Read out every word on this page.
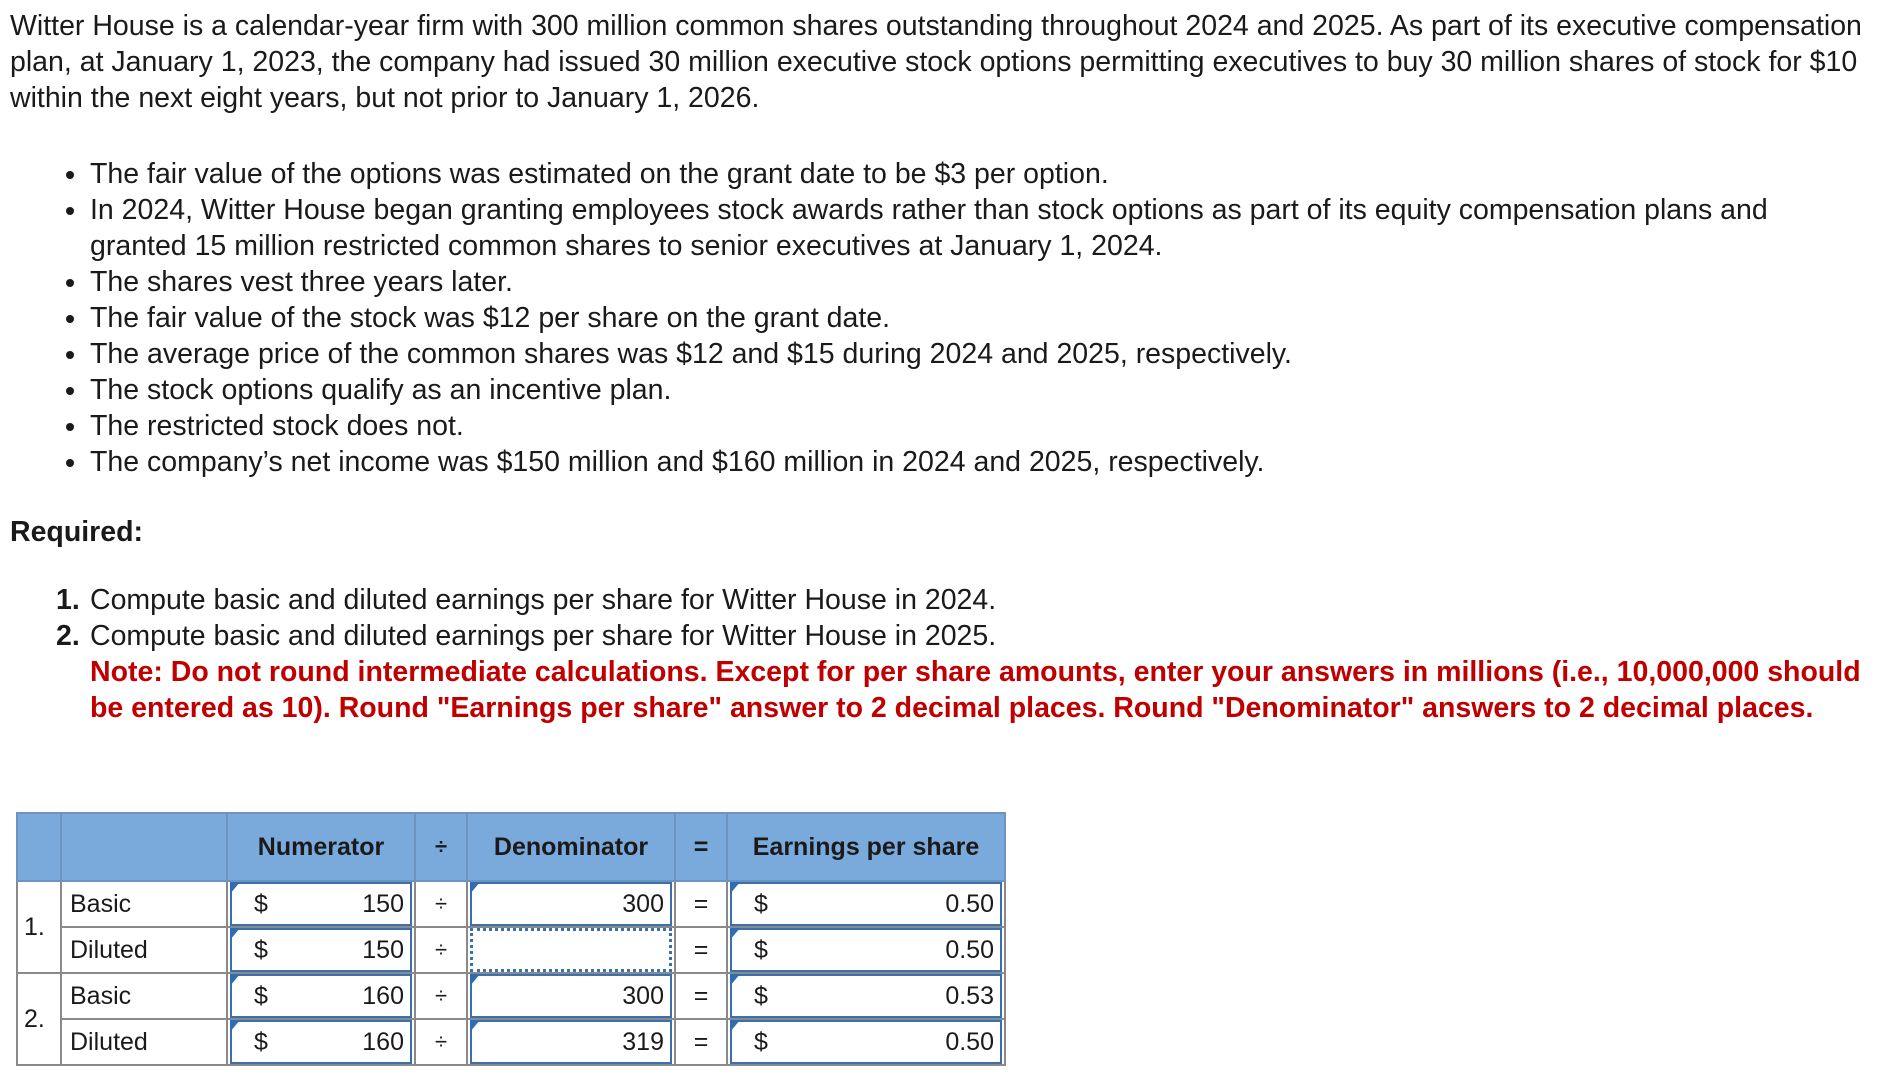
Witter House is a calendar-year firm with 300 million common shares outstanding throughout 2024 and 2025. As part of its executive compensation plan, at January 1, 2023, the company had issued 30 million executive stock options permitting executives to buy 30 million shares of stock for $10 within the next eight years, but not prior to January 1, 2026.

The fair value of the options was estimated on the grant date to be $3 per option.
In 2024, Witter House began granting employees stock awards rather than stock options as part of its equity compensation plans and granted 15 million restricted common shares to senior executives at January 1, 2024.
The shares vest three years later.
The fair value of the stock was $12 per share on the grant date.
The average price of the common shares was $12 and $15 during 2024 and 2025, respectively.
The stock options qualify as an incentive plan.
The restricted stock does not.
The company’s net income was $150 million and $160 million in 2024 and 2025, respectively.

Required:

1. Compute basic and diluted earnings per share for Witter House in 2024.
2. Compute basic and diluted earnings per share for Witter House in 2025.

Note: Do not round intermediate calculations. Except for per share amounts, enter your answers in millions (i.e., 10,000,000 should be entered as 10). Round "Earnings per share" answer to 2 decimal places. Round "Denominator" answers to 2 decimal places.

		Numerator	÷	Denominator	=	Earnings per share
1.	Basic	$ 150	÷	300	=	$ 0.50

	Diluted	$ 150	÷		=	$ 0.50

2.	Basic	$ 160	÷	300	=	$ 0.53

	Diluted	$ 160	÷	319	=	$ 0.50
